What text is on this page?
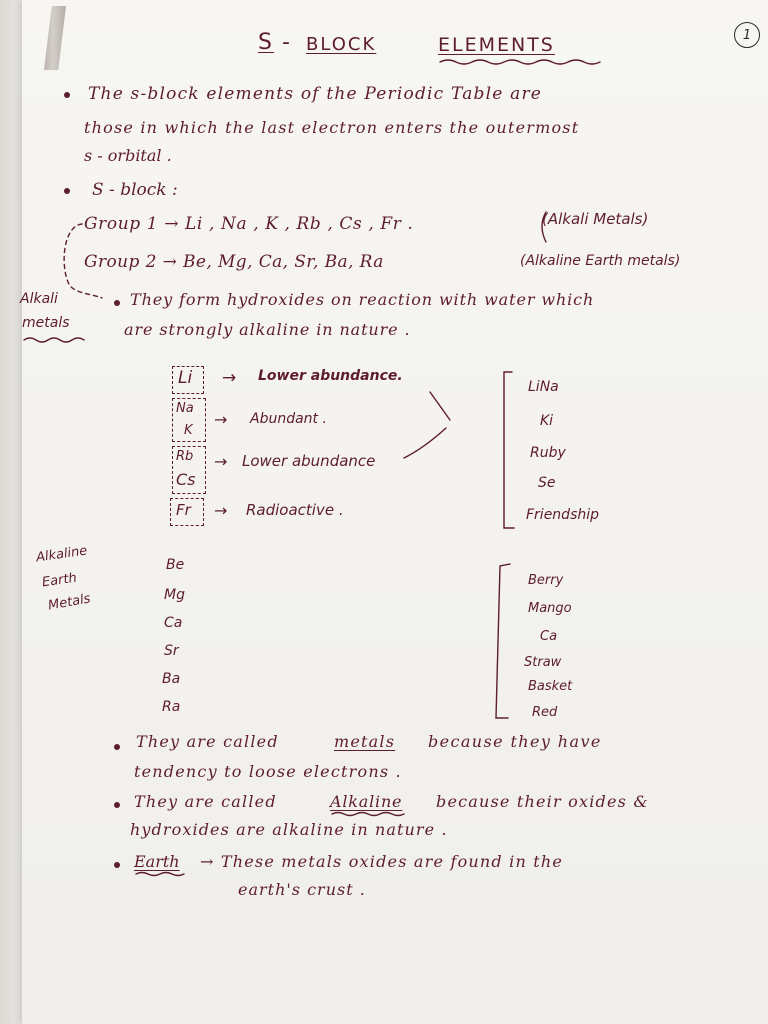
1
S - BLOCK	ELEMENTS
The s-block elements of the Periodic Table are
those in which the last electron enters the outermost
s - orbital .
S - block :
Group 1 → Li , Na , K , Rb , Cs , Fr .	(Alkali Metals)
Group 2 → Be, Mg, Ca, Sr, Ba, Ra	(Alkaline Earth metals)
Alkali
metals
They form hydroxides on reaction with water which
are strongly alkaline in nature .
Li → Lower abundance.
Na
K
→ Abundant .
Rb
Cs
→ Lower abundance
Fr → Radioactive .
LiNa
Ki
Ruby
Se
Friendship
Alkaline
Earth
Metals
Be
Mg
Ca
Sr
Ba
Ra
Berry
Mango
Ca
Straw
Basket
Red
They are called	metals because they have
tendency to loose electrons .
They are called	Alkaline because their oxides &
hydroxides are alkaline in nature .
Earth → These metals oxides are found in the
earth's crust .
